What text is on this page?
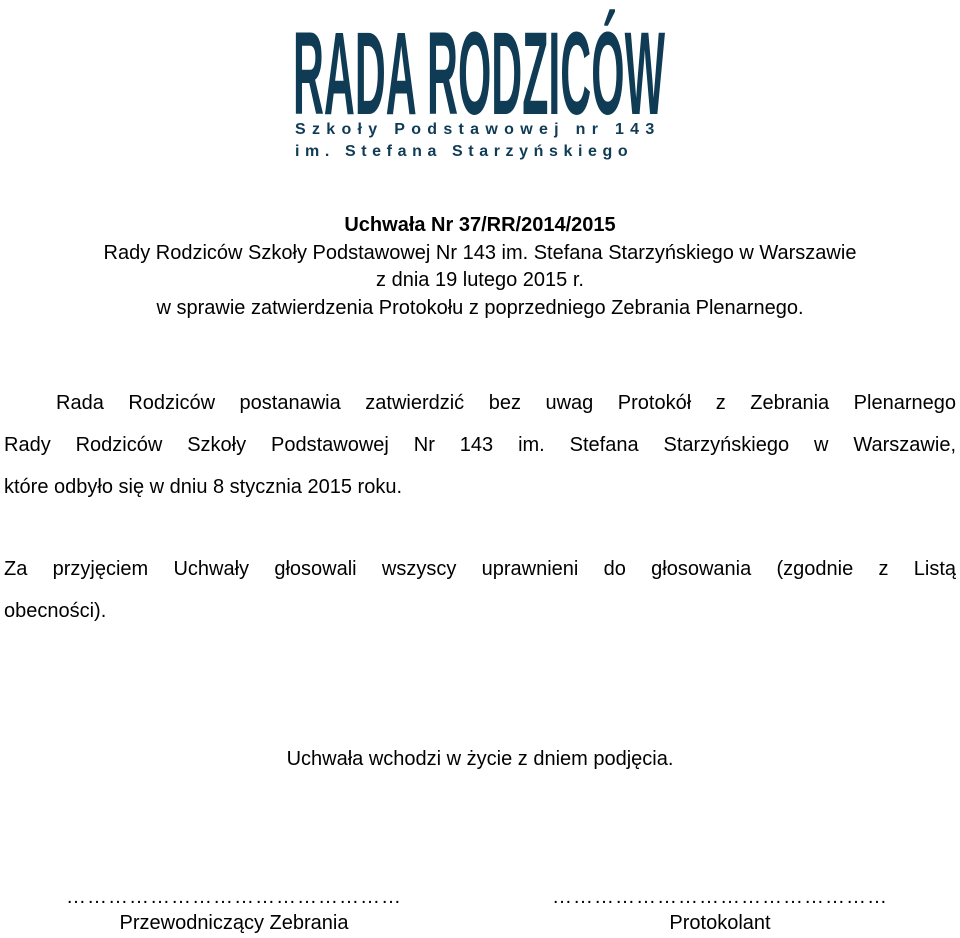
RADA RODZICÓW
Szkoły Podstawowej nr 143
im. Stefana Starzyńskiego
Uchwała Nr 37/RR/2014/2015
Rady Rodziców Szkoły Podstawowej Nr 143 im. Stefana Starzyńskiego w Warszawie
z dnia 19 lutego 2015 r.
w sprawie zatwierdzenia Protokołu z poprzedniego Zebrania Plenarnego.
Rada Rodziców postanawia zatwierdzić bez uwag Protokół z Zebrania Plenarnego
Rady Rodziców Szkoły Podstawowej Nr 143 im. Stefana Starzyńskiego w Warszawie,
które odbyło się w dniu 8 stycznia 2015 roku.
Za przyjęciem Uchwały głosowali wszyscy uprawnieni do głosowania (zgodnie z Listą
obecności).
Uchwała wchodzi w życie z dniem podjęcia.
…………………………………………
Przewodniczący Zebrania
…………………………………………
Protokolant
